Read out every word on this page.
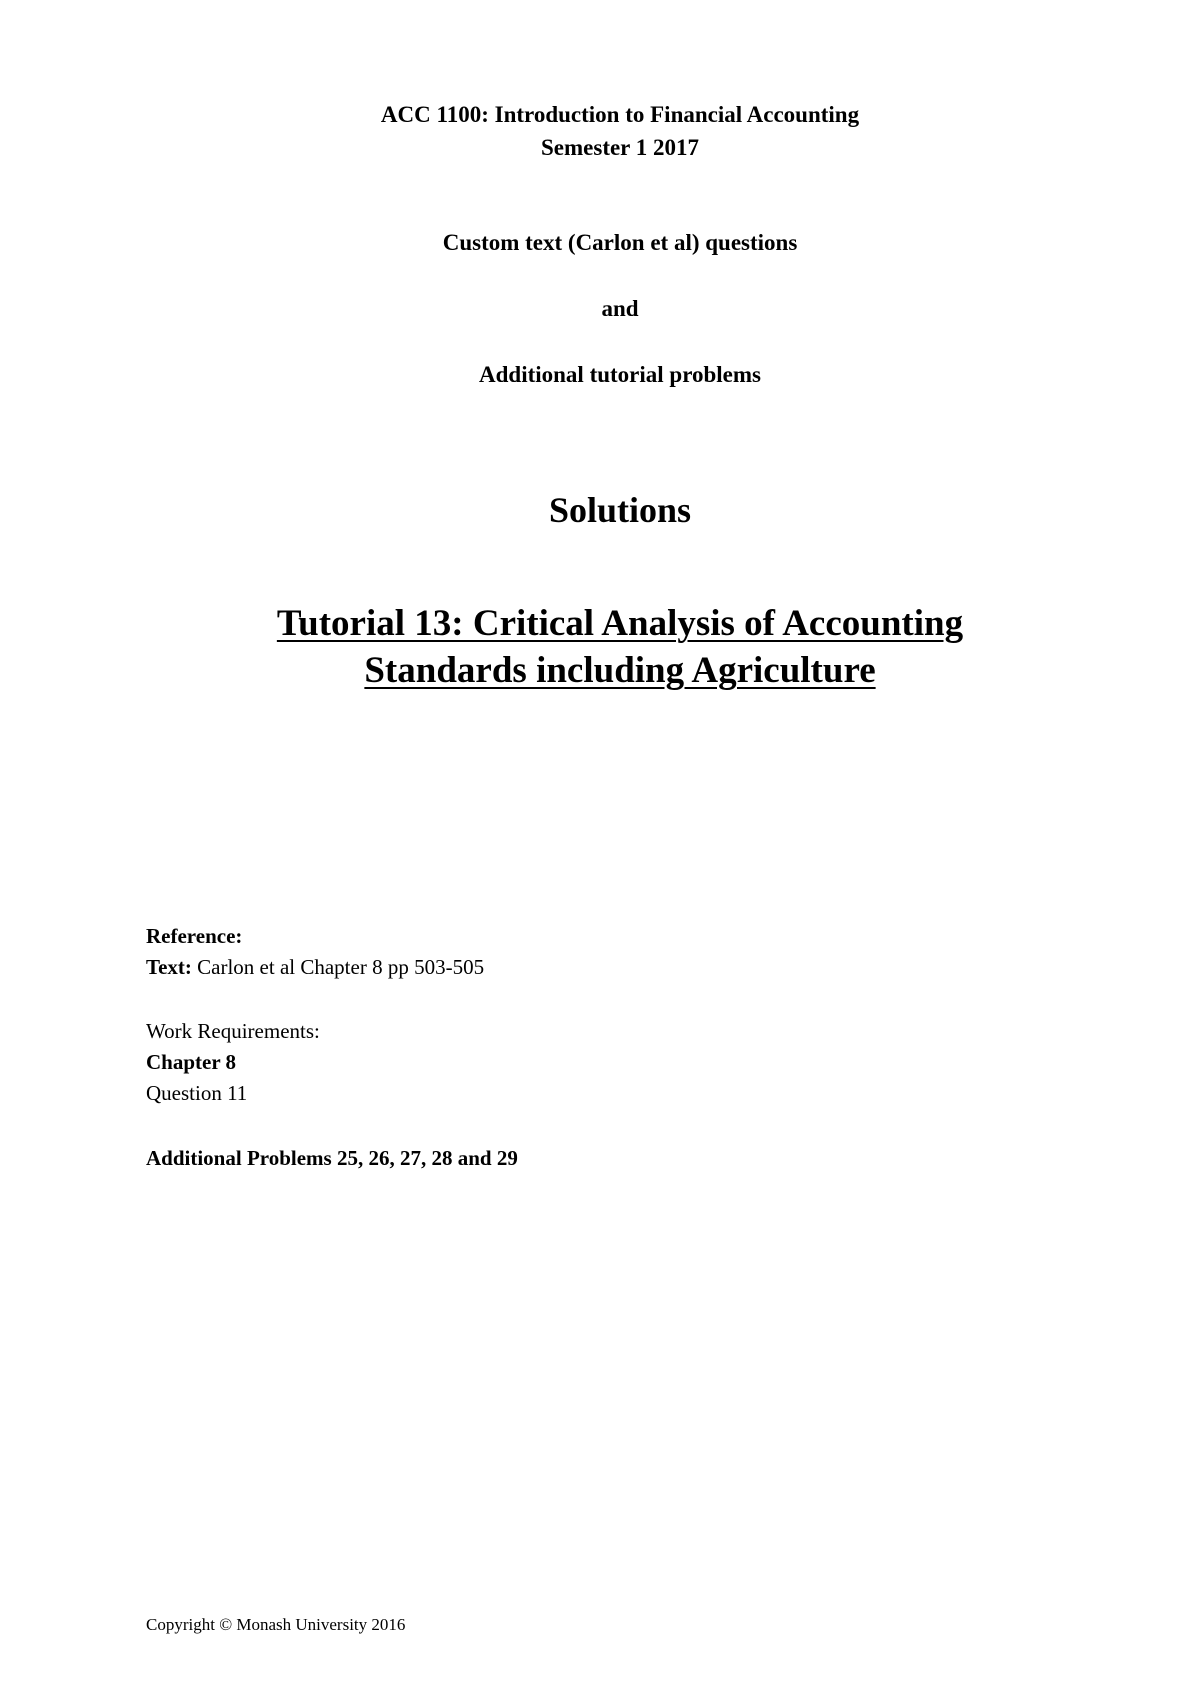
ACC 1100: Introduction to Financial Accounting
Semester 1 2017
Custom text (Carlon et al) questions
and
Additional tutorial problems
Solutions
Tutorial 13: Critical Analysis of Accounting
Standards including Agriculture
Reference:
Text: Carlon et al Chapter 8 pp 503-505
Work Requirements:
Chapter 8
Question 11
Additional Problems 25, 26, 27, 28 and 29
Copyright © Monash University 2016
